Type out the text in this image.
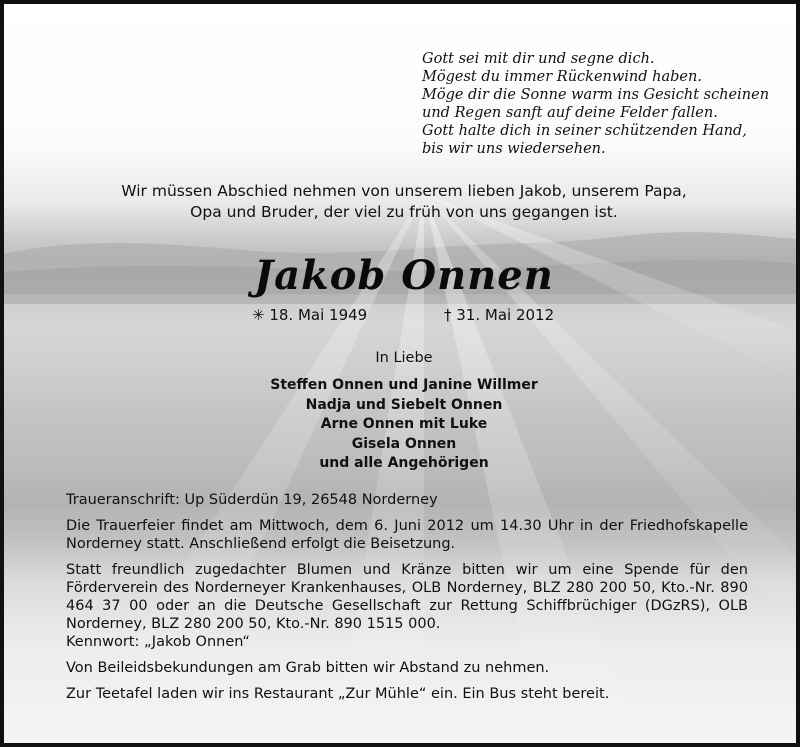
Gott sei mit dir und segne dich.
Mögest du immer Rückenwind haben.
Möge dir die Sonne warm ins Gesicht scheinen
und Regen sanft auf deine Felder fallen.
Gott halte dich in seiner schützenden Hand,
bis wir uns wiedersehen.
Wir müssen Abschied nehmen von unserem lieben Jakob, unserem Papa,
Opa und Bruder, der viel zu früh von uns gegangen ist.
Jakob Onnen
✳ 18. Mai 1949	† 31. Mai 2012
In Liebe
Steffen Onnen und Janine Willmer
Nadja und Siebelt Onnen
Arne Onnen mit Luke
Gisela Onnen
und alle Angehörigen

Traueranschrift: Up Süderdün 19, 26548 Norderney

Die Trauerfeier findet am Mittwoch, dem 6. Juni 2012 um 14.30 Uhr in der Friedhofskapelle Norderney statt. Anschließend erfolgt die Beisetzung.

Statt freundlich zugedachter Blumen und Kränze bitten wir um eine Spende für den Förderverein des Norderneyer Krankenhauses, OLB Norderney, BLZ 280 200 50, Kto.-Nr. 890 464 37 00 oder an die Deutsche Gesellschaft zur Rettung Schiffbrüchiger (DGzRS), OLB Norderney, BLZ 280 200 50, Kto.-Nr. 890 1515 000.

Kennwort: „Jakob Onnen“

Von Beileidsbekundungen am Grab bitten wir Abstand zu nehmen.

Zur Teetafel laden wir ins Restaurant „Zur Mühle“ ein. Ein Bus steht bereit.
